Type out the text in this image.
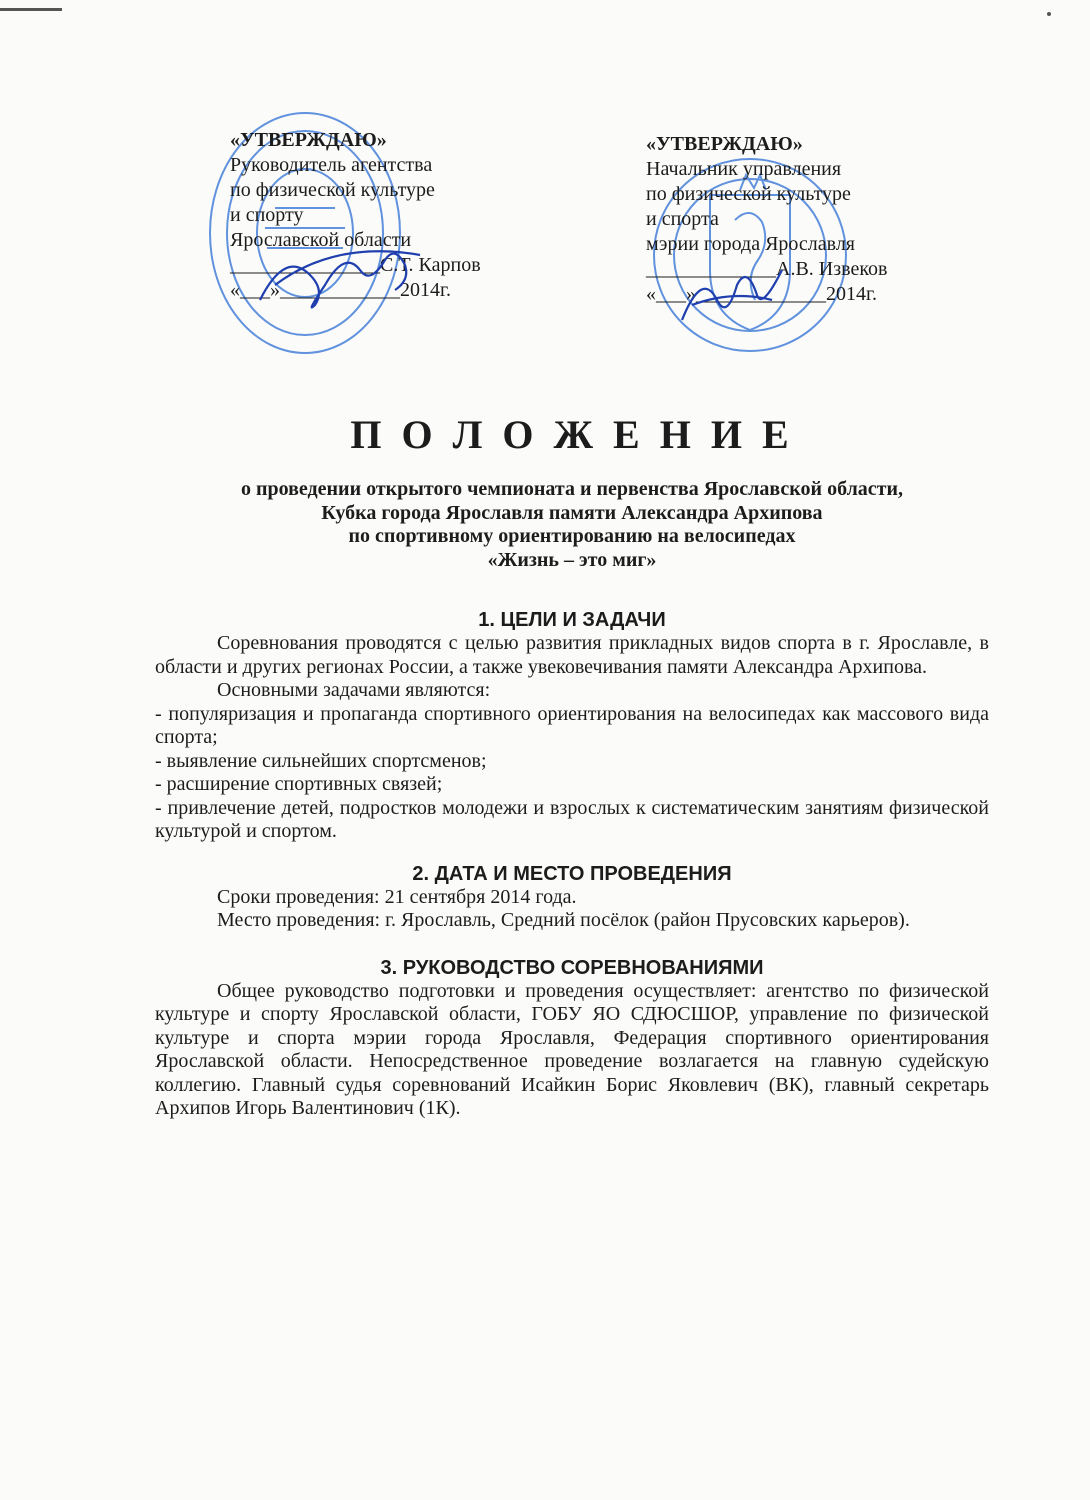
«УТВЕРЖДАЮ»
Руководитель агентства
по физической культуре
и спорту
Ярославской области
_______________С.Т. Карпов
«___»____________2014г.
«УТВЕРЖДАЮ»
Начальник управления
по физической культуре
и спорта
мэрии города Ярославля
_____________А.В. Извеков
«___»_____________2014г.
П О Л О Ж Е Н И Е
о проведении открытого чемпионата и первенства Ярославской области,
Кубка города Ярославля памяти Александра Архипова
по спортивному ориентированию на велосипедах
«Жизнь – это миг»
1. ЦЕЛИ И ЗАДАЧИ

Соревнования проводятся с целью развития прикладных видов спорта в г. Ярославле, в области и других регионах России, а также увековечивания памяти Александра Архипова.

Основными задачами являются:

- популяризация и пропаганда спортивного ориентирования на велосипедах как массового вида спорта;

- выявление сильнейших спортсменов;

- расширение спортивных связей;

- привлечение детей, подростков молодежи и взрослых к систематическим занятиям физической культурой и спортом.

2. ДАТА И МЕСТО ПРОВЕДЕНИЯ

Сроки проведения: 21 сентября 2014 года.

Место проведения: г. Ярославль, Средний посёлок (район Прусовских карьеров).

3. РУКОВОДСТВО СОРЕВНОВАНИЯМИ

Общее руководство подготовки и проведения осуществляет: агентство по физической культуре и спорту Ярославской области, ГОБУ ЯО СДЮСШОР, управление по физической культуре и спорта мэрии города Ярославля, Федерация спортивного ориентирования Ярославской области. Непосредственное проведение возлагается на главную судейскую коллегию. Главный судья соревнований Исайкин Борис Яковлевич (ВК), главный секретарь Архипов Игорь Валентинович (1К).
